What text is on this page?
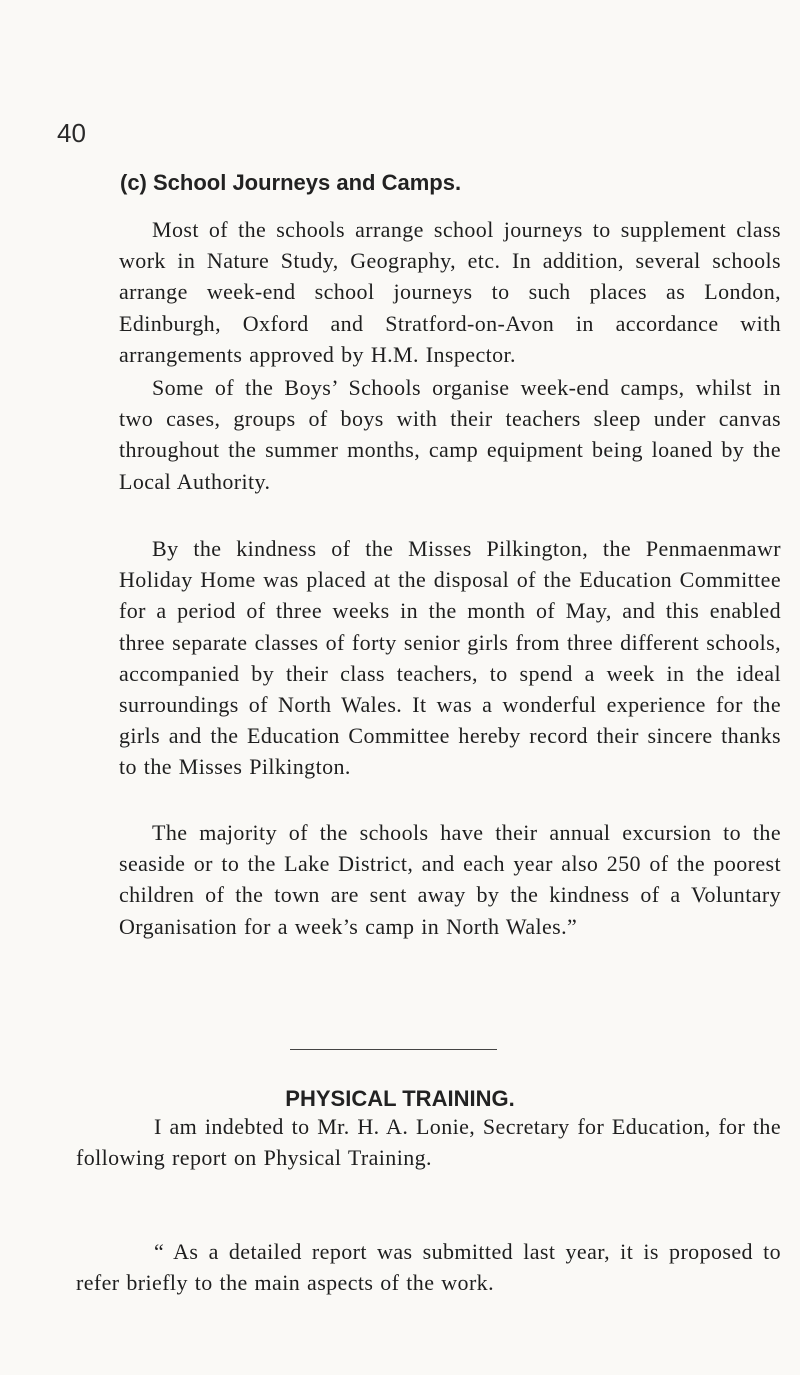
40
(c) School Journeys and Camps.

Most of the schools arrange school journeys to supplement class work in Nature Study, Geography, etc. In addition, several schools arrange week-end school journeys to such places as London, Edinburgh, Oxford and Stratford-on-Avon in accordance with arrangements approved by H.M. Inspector.

Some of the Boys’ Schools organise week-end camps, whilst in two cases, groups of boys with their teachers sleep under canvas throughout the summer months, camp equipment being loaned by the Local Authority.

By the kindness of the Misses Pilkington, the Penmaenmawr Holiday Home was placed at the disposal of the Education Committee for a period of three weeks in the month of May, and this enabled three separate classes of forty senior girls from three different schools, accompanied by their class teachers, to spend a week in the ideal surroundings of North Wales. It was a wonderful experience for the girls and the Education Committee hereby record their sincere thanks to the Misses Pilkington.

The majority of the schools have their annual excursion to the seaside or to the Lake District, and each year also 250 of the poorest children of the town are sent away by the kindness of a Voluntary Organisation for a week’s camp in North Wales.”

PHYSICAL TRAINING.

I am indebted to Mr. H. A. Lonie, Secretary for Education, for the following report on Physical Training.

“ As a detailed report was submitted last year, it is proposed to refer briefly to the main aspects of the work.
